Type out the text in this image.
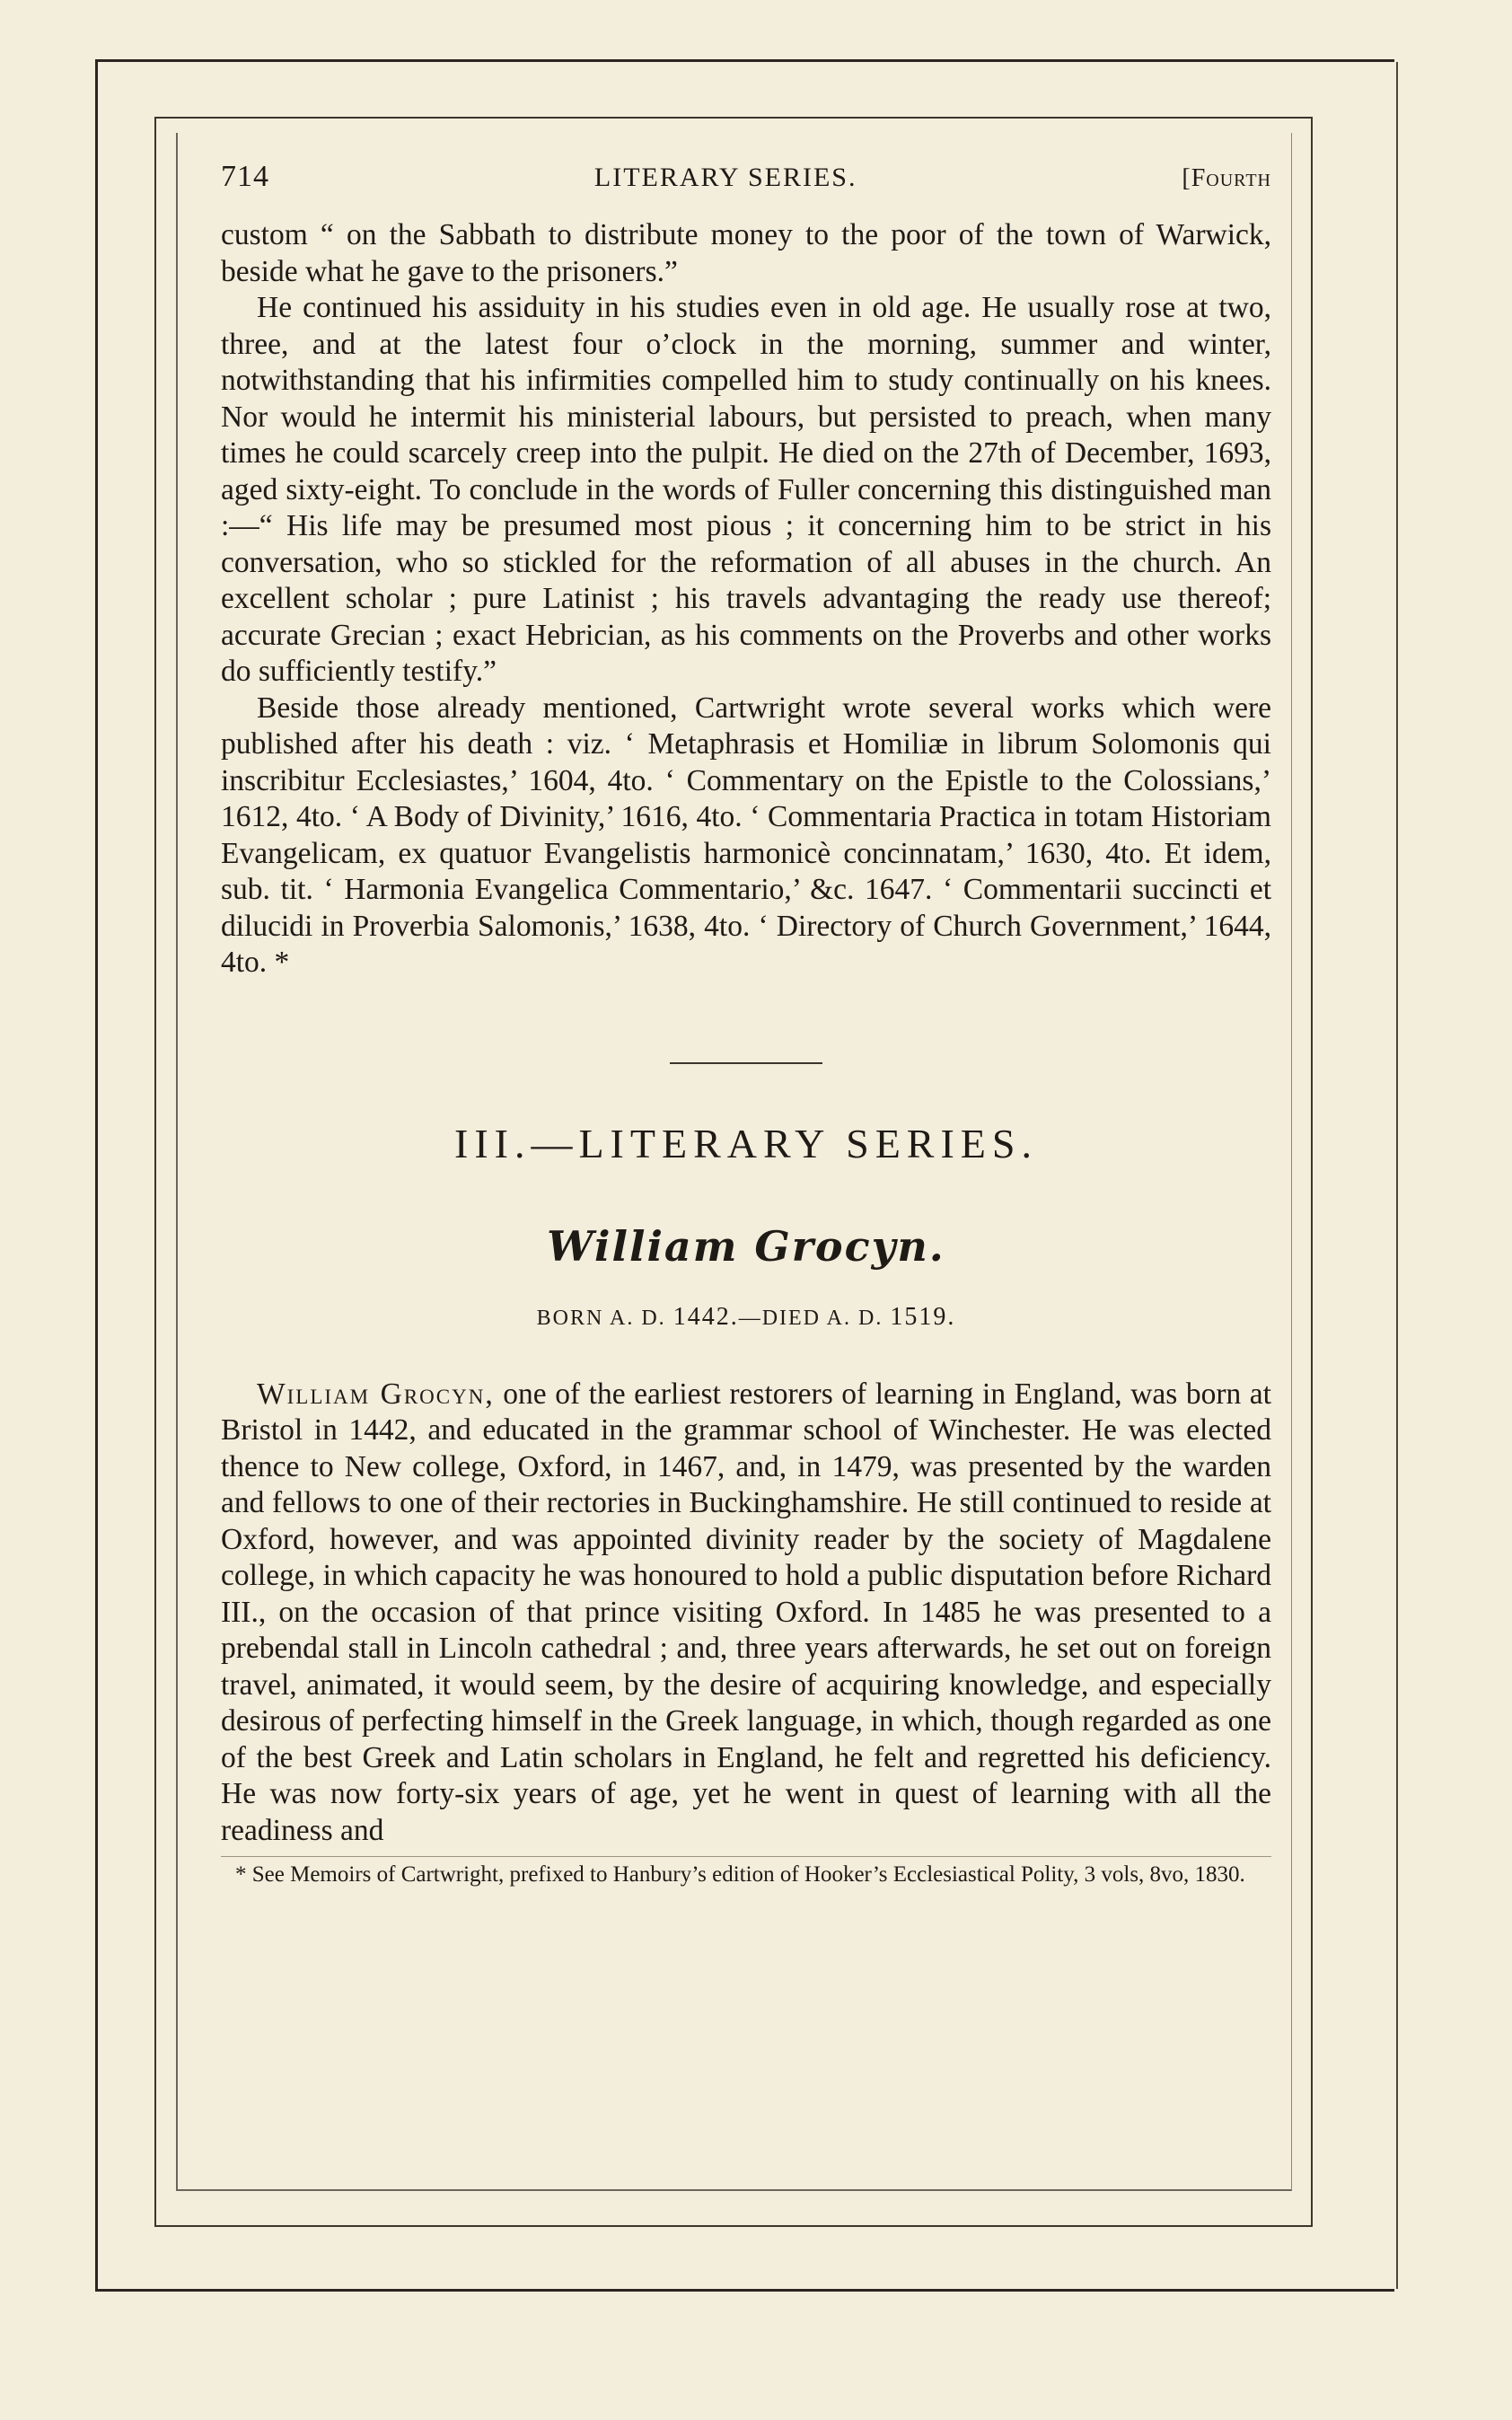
714	LITERARY SERIES.	[Fourth

custom “ on the Sabbath to distribute money to the poor of the town of Warwick, beside what he gave to the prisoners.”

He continued his assiduity in his studies even in old age. He usually rose at two, three, and at the latest four o’clock in the morning, summer and winter, notwithstanding that his infirmities compelled him to study continually on his knees. Nor would he intermit his ministerial labours, but persisted to preach, when many times he could scarcely creep into the pulpit. He died on the 27th of December, 1693, aged sixty-eight. To conclude in the words of Fuller concerning this distinguished man :—“ His life may be presumed most pious ; it concerning him to be strict in his conversation, who so stickled for the reformation of all abuses in the church. An excellent scholar ; pure Latinist ; his travels advantaging the ready use thereof; accurate Grecian ; exact Hebrician, as his comments on the Proverbs and other works do sufficiently testify.”

Beside those already mentioned, Cartwright wrote several works which were published after his death : viz. ‘ Metaphrasis et Homiliæ in librum Solomonis qui inscribitur Ecclesiastes,’ 1604, 4to. ‘ Commentary on the Epistle to the Colossians,’ 1612, 4to. ‘ A Body of Divinity,’ 1616, 4to. ‘ Commentaria Practica in totam Historiam Evangelicam, ex quatuor Evangelistis harmonicè concinnatam,’ 1630, 4to. Et idem, sub. tit. ‘ Harmonia Evangelica Commentario,’ &c. 1647. ‘ Commentarii succincti et dilucidi in Proverbia Salomonis,’ 1638, 4to. ‘ Directory of Church Government,’ 1644, 4to. *

III.—LITERARY SERIES.
William Grocyn.
BORN A. D. 1442.—DIED A. D. 1519.

William Grocyn, one of the earliest restorers of learning in England, was born at Bristol in 1442, and educated in the grammar school of Winchester. He was elected thence to New college, Oxford, in 1467, and, in 1479, was presented by the warden and fellows to one of their rectories in Buckinghamshire. He still continued to reside at Oxford, however, and was appointed divinity reader by the society of Magdalene college, in which capacity he was honoured to hold a public disputation before Richard III., on the occasion of that prince visiting Oxford. In 1485 he was presented to a prebendal stall in Lincoln cathedral ; and, three years afterwards, he set out on foreign travel, animated, it would seem, by the desire of acquiring knowledge, and especially desirous of perfecting himself in the Greek language, in which, though regarded as one of the best Greek and Latin scholars in England, he felt and regretted his deficiency. He was now forty-six years of age, yet he went in quest of learning with all the readiness and

* See Memoirs of Cartwright, prefixed to Hanbury’s edition of Hooker’s Ecclesiastical Polity, 3 vols, 8vo, 1830.
